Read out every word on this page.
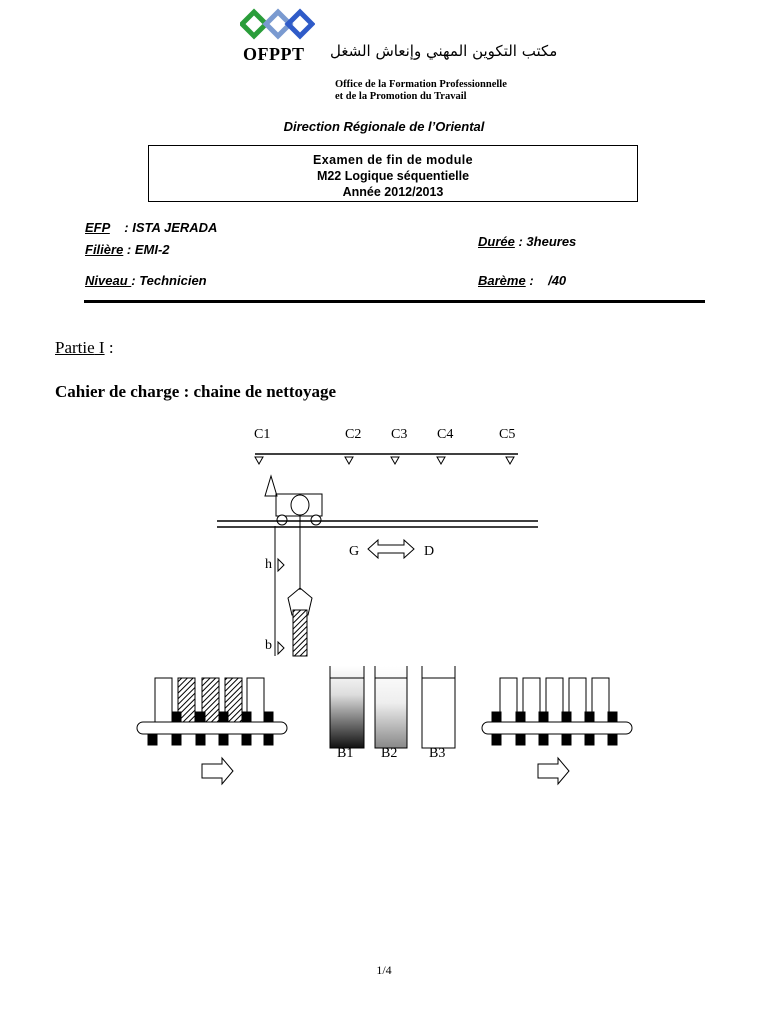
OFPPT مكتب التكوين المهني وإنعاش الشغل
Office de la Formation Professionnelle
et de la Promotion du Travail
Direction Régionale de l’Oriental
Examen de fin de module
M22 Logique séquentielle
Année 2012/2013
EFP    : ISTA JERADA
Filière : EMI-2
Durée : 3heures
Niveau : Technicien	Barème :    /40
Partie I :
Cahier de charge : chaine de nettoyage
C1	C2 C3 C4	C5
G	D
h
b
B1 B2 B3
1/4
